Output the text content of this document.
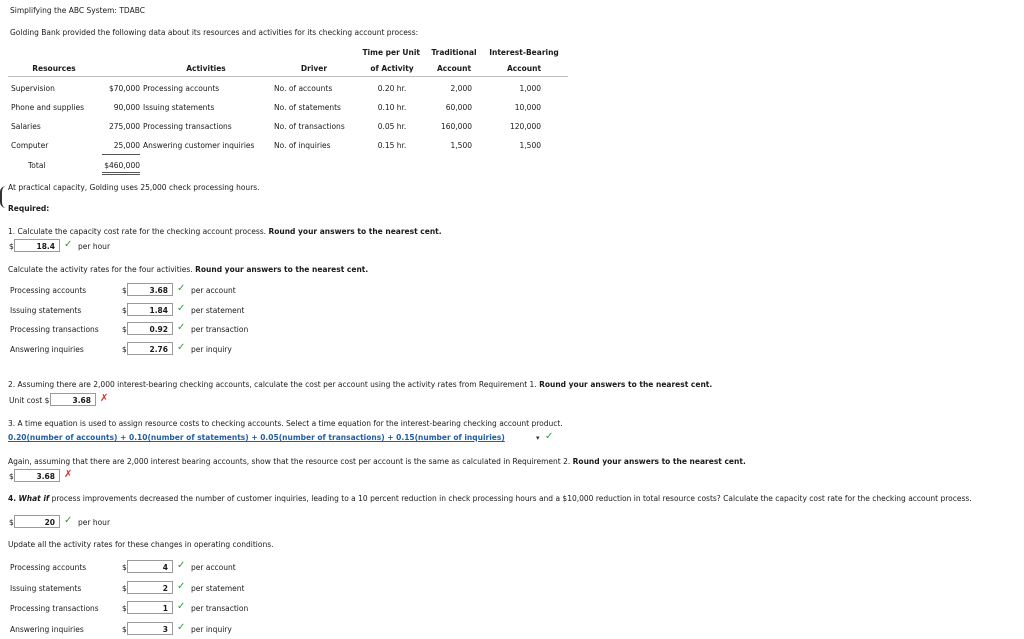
Simplifying the ABC System: TDABC
Golding Bank provided the following data about its resources and activities for its checking account process:
Time per Unit	Traditional	Interest-Bearing
Resources	Activities	Driver	of Activity	Account	Account
Supervision	$70,000 Processing accounts	No. of accounts	0.20 hr.	2,000	1,000
Phone and supplies	90,000 Issuing statements	No. of statements	0.10 hr.	60,000	10,000
Salaries	275,000 Processing transactions	No. of transactions	0.05 hr.	160,000	120,000
Computer	25,000 Answering customer inquiries	No. of inquiries	0.15 hr.	1,500	1,500
Total	$460,000
At practical capacity, Golding uses 25,000 check processing hours.
Required:
1. Calculate the capacity cost rate for the checking account process. Round your answers to the nearest cent.
$	18.4 ✓ per hour
Calculate the activity rates for the four activities. Round your answers to the nearest cent.
Processing accounts	$	3.68 ✓ per account
Issuing statements	$	1.84 ✓ per statement
Processing transactions	$	0.92 ✓ per transaction
Answering inquiries	$	2.76 ✓ per inquiry
2. Assuming there are 2,000 interest-bearing checking accounts, calculate the cost per account using the activity rates from Requirement 1. Round your answers to the nearest cent.
Unit cost $	3.68 ✗
3. A time equation is used to assign resource costs to checking accounts. Select a time equation for the interest-bearing checking account product.
0.20(number of accounts) + 0.10(number of statements) + 0.05(number of transactions) + 0.15(number of inquiries)	▾ ✓
Again, assuming that there are 2,000 interest bearing accounts, show that the resource cost per account is the same as calculated in Requirement 2. Round your answers to the nearest cent.
$	3.68 ✗
4. What if process improvements decreased the number of customer inquiries, leading to a 10 percent reduction in check processing hours and a $10,000 reduction in total resource costs? Calculate the capacity cost rate for the checking account process.
$	20 ✓ per hour
Update all the activity rates for these changes in operating conditions.
Processing accounts	$	4 ✓ per account
Issuing statements	$	2 ✓ per statement
Processing transactions	$	1 ✓ per transaction
Answering inquiries	$	3 ✓ per inquiry
